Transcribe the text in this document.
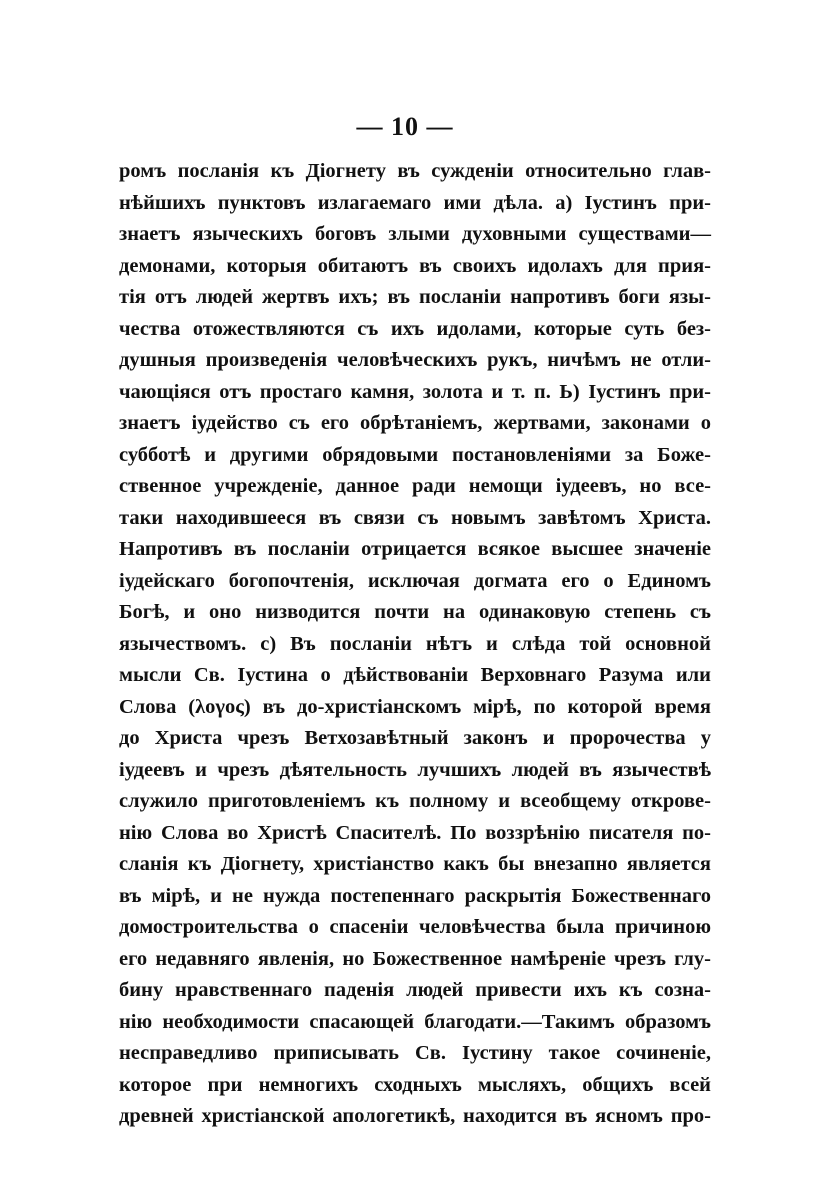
— 10 —
ромъ посланія къ Діогнету въ сужденіи относительно глав-
нѣйшихъ пунктовъ излагаемаго ими дѣла. а) Іустинъ при-
знаетъ языческихъ боговъ злыми духовными существами—
демонами, которыя обитаютъ въ своихъ идолахъ для прия-
тія отъ людей жертвъ ихъ; въ посланіи напротивъ боги язы-
чества отожествляются съ ихъ идолами, которые суть без-
душныя произведенія человѣческихъ рукъ, ничѣмъ не отли-
чающіяся отъ простаго камня, золота и т. п. Ь) Іустинъ при-
знаетъ іудейство съ его обрѣтаніемъ, жертвами, законами о
субботѣ и другими обрядовыми постановленіями за Боже-
ственное учрежденіе, данное ради немощи іудеевъ, но все-
таки находившееся въ связи съ новымъ завѣтомъ Христа.
Напротивъ въ посланіи отрицается всякое высшее значеніе
іудейскаго богопочтенія, исключая догмата его о Единомъ
Богѣ, и оно низводится почти на одинаковую степень съ
язычествомъ. с) Въ посланіи нѣтъ и слѣда той основной
мысли Св. Іустина о дѣйствованіи Верховнаго Разума или
Слова (λογος) въ до-христіанскомъ мірѣ, по которой время
до Христа чрезъ Ветхозавѣтный законъ и пророчества у
іудеевъ и чрезъ дѣятельность лучшихъ людей въ язычествѣ
служило приготовленіемъ къ полному и всеобщему открове-
нію Слова во Христѣ Спасителѣ. По воззрѣнію писателя по-
сланія къ Діогнету, христіанство какъ бы внезапно является
въ мірѣ, и не нужда постепеннаго раскрытія Божественнаго
домостроительства о спасеніи человѣчества была причиною
его недавняго явленія, но Божественное намѣреніе чрезъ глу-
бину нравственнаго паденія людей привести ихъ къ созна-
нію необходимости спасающей благодати.—Такимъ образомъ
несправедливо приписывать Св. Іустину такое сочиненіе,
которое при немногихъ сходныхъ мысляхъ, общихъ всей
древней христіанской апологетикѣ, находится въ ясномъ про-
